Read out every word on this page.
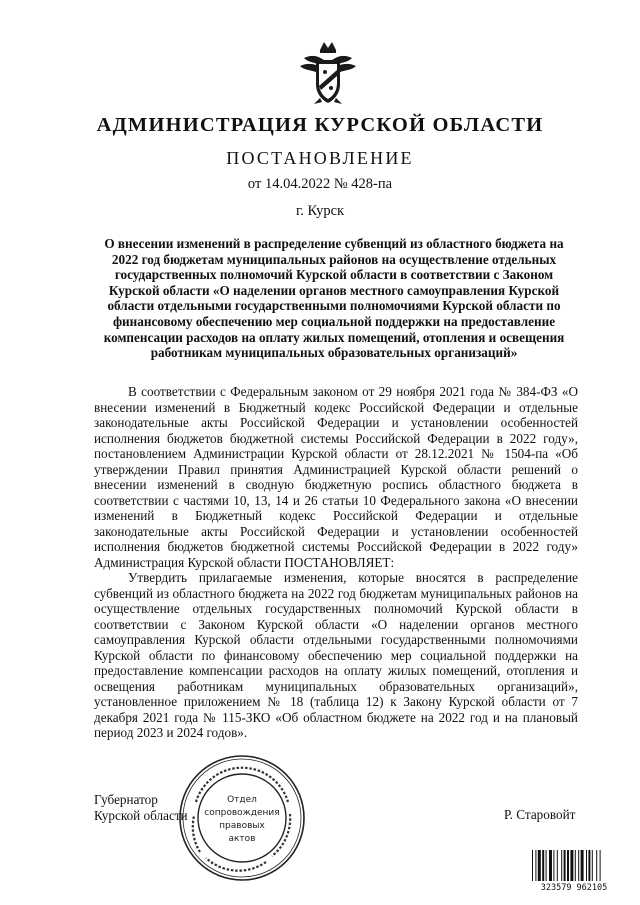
АДМИНИСТРАЦИЯ КУРСКОЙ ОБЛАСТИ
ПОСТАНОВЛЕНИЕ
от 14.04.2022 № 428-па
г. Курск
О внесении изменений в распределение субвенций из областного бюджета на
2022 год бюджетам муниципальных районов на осуществление отдельных
государственных полномочий Курской области в соответствии с Законом
Курской области «О наделении органов местного самоуправления Курской
области отдельными государственными полномочиями Курской области по
финансовому обеспечению мер социальной поддержки на предоставление
компенсации расходов на оплату жилых помещений, отопления и освещения
работникам муниципальных образовательных организаций»

В соответствии с Федеральным законом от 29 ноября 2021 года № 384-ФЗ «О внесении изменений в Бюджетный кодекс Российской Федерации и отдельные законодательные акты Российской Федерации и установлении особенностей исполнения бюджетов бюджетной системы Российской Федерации в 2022 году», постановлением Администрации Курской области от 28.12.2021 № 1504-па «Об утверждении Правил принятия Администрацией Курской области решений о внесении изменений в сводную бюджетную роспись областного бюджета в соответствии с частями 10, 13, 14 и 26 статьи 10 Федерального закона «О внесении изменений в Бюджетный кодекс Российской Федерации и отдельные законодательные акты Российской Федерации и установлении особенностей исполнения бюджетов бюджетной системы Российской Федерации в 2022 году» Администрация Курской области ПОСТАНОВЛЯЕТ:

Утвердить прилагаемые изменения, которые вносятся в распределение субвенций из областного бюджета на 2022 год бюджетам муниципальных районов на осуществление отдельных государственных полномочий Курской области в соответствии с Законом Курской области «О наделении органов местного самоуправления Курской области отдельными государственными полномочиями Курской области по финансовому обеспечению мер социальной поддержки на предоставление компенсации расходов на оплату жилых помещений, отопления и освещения работникам муниципальных образовательных организаций», установленное приложением № 18 (таблица 12) к Закону Курской области от 7 декабря 2021 года № 115-ЗКО «Об областном бюджете на 2022 год и на плановый период 2023 и 2024 годов».

Губернатор
Курской области	Р. Старовойт
Отдел
сопровождения
правовых
актов
323579 962105
